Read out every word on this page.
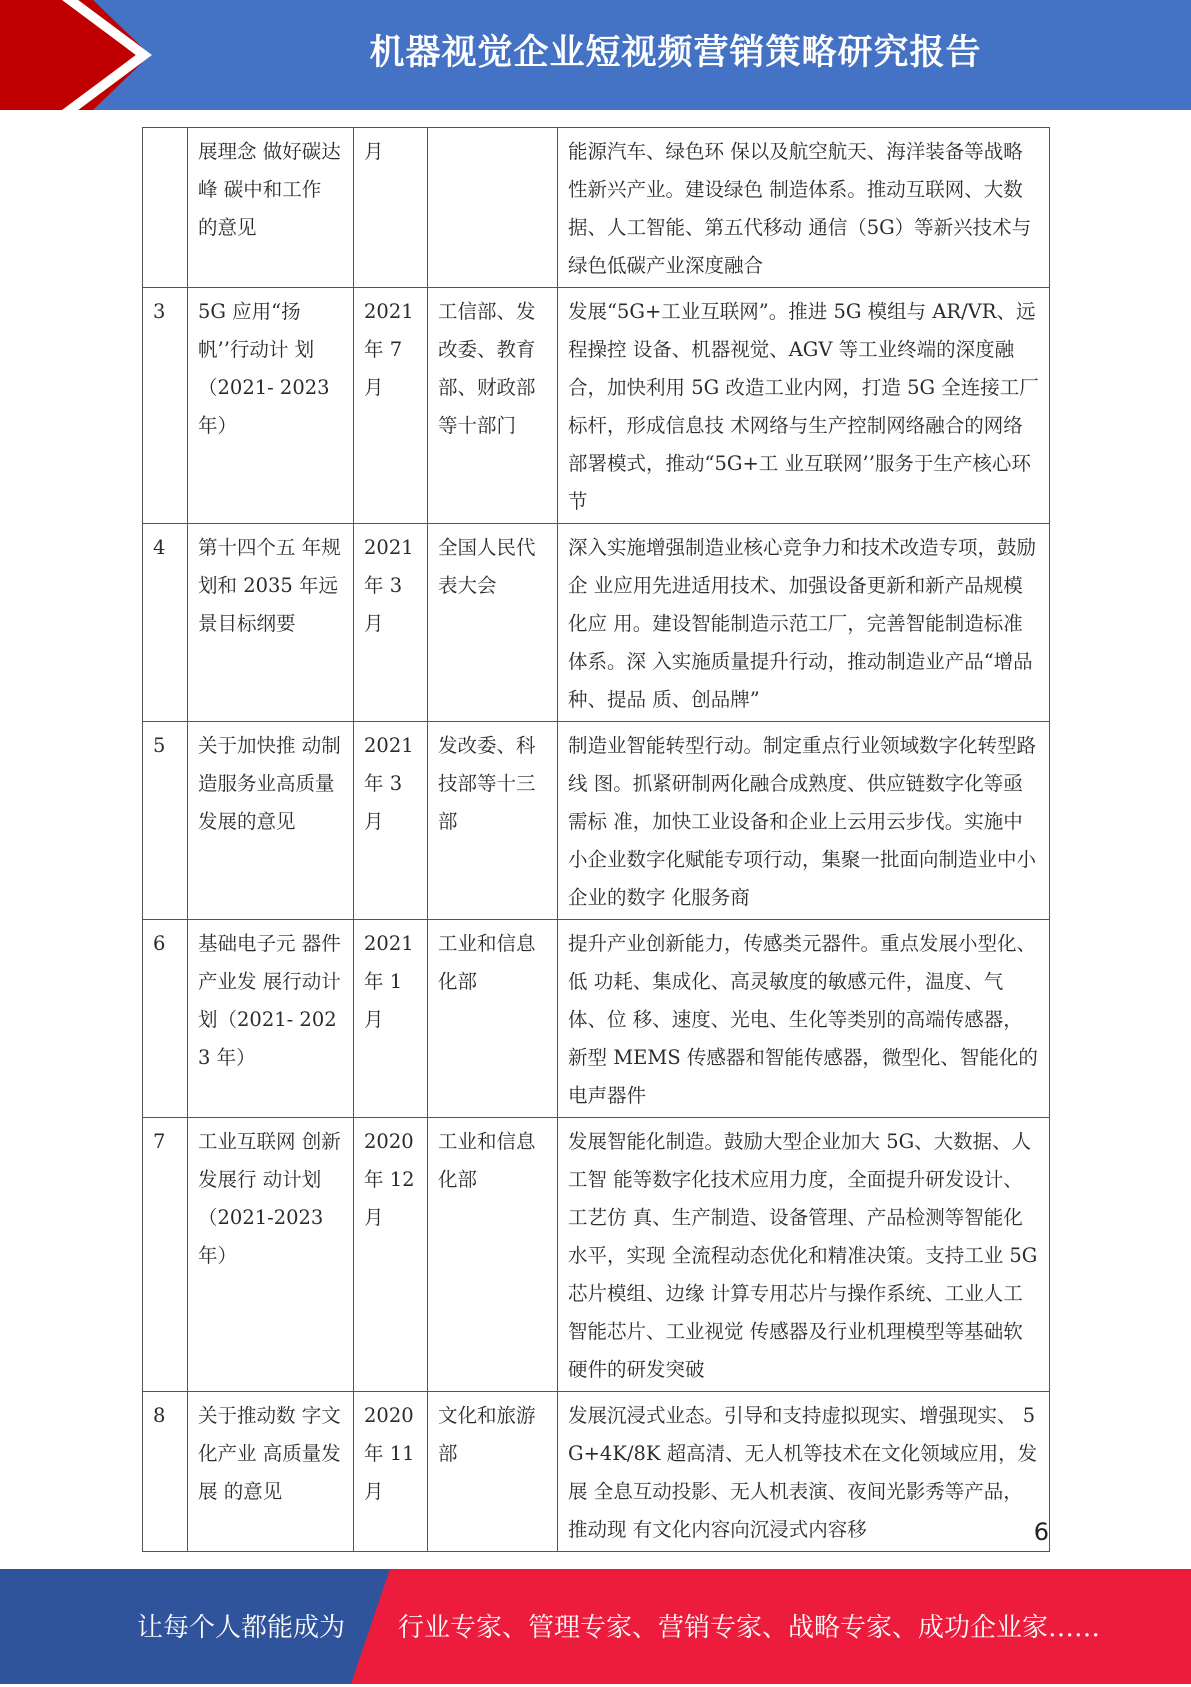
机器视觉企业短视频营销策略研究报告
	展理念 做好碳达峰 碳中和工作 的意见	月		能源汽车、绿色环 保以及航空航天、海洋装备等战略性新兴产业。建设绿色 制造体系。推动互联网、大数据、人工智能、第五代移动 通信（5G）等新兴技术与绿色低碳产业深度融合
3	5G 应用“扬 帆’’行动计 划（2021- 2023 年）	2021 年 7 月	工信部、发改委、教育部、财政部等十部门	发展“5G+工业互联网”。推进 5G 模组与 AR/VR、远程操控 设备、机器视觉、AGV 等工业终端的深度融合，加快利用 5G 改造工业内网，打造 5G 全连接工厂标杆，形成信息技 术网络与生产控制网络融合的网络部署模式，推动“5G+工 业互联网’’服务于生产核心环节
4	第十四个五 年规划和 2035 年远 景目标纲要	2021 年 3 月	全国人民代表大会	深入实施增强制造业核心竞争力和技术改造专项，鼓励企 业应用先进适用技术、加强设备更新和新产品规模化应 用。建设智能制造示范工厂，完善智能制造标准体系。深 入实施质量提升行动，推动制造业产品“增品种、提品 质、创品牌”
5	关于加快推 动制造服务业高质量发展的意见	2021 年 3 月	发改委、科技部等十三部	制造业智能转型行动。制定重点行业领域数字化转型路线 图。抓紧研制两化融合成熟度、供应链数字化等亟需标 准，加快工业设备和企业上云用云步伐。实施中小企业数字化赋能专项行动，集聚一批面向制造业中小企业的数字 化服务商
6	基础电子元 器件产业发 展行动计划（2021- 2023 年）	2021 年 1 月	工业和信息化部	提升产业创新能力，传感类元器件。重点发展小型化、低 功耗、集成化、高灵敏度的敏感元件，温度、气体、位 移、速度、光电、生化等类别的高端传感器，新型 MEMS 传感器和智能传感器，微型化、智能化的电声器件
7	工业互联网 创新发展行 动计划（2021-2023 年）	2020 年 12 月	工业和信息化部	发展智能化制造。鼓励大型企业加大 5G、大数据、人工智 能等数字化技术应用力度，全面提升研发设计、工艺仿 真、生产制造、设备管理、产品检测等智能化水平，实现 全流程动态优化和精准决策。支持工业 5G 芯片模组、边缘 计算专用芯片与操作系统、工业人工智能芯片、工业视觉 传感器及行业机理模型等基础软硬件的研发突破
8	关于推动数 字文化产业 高质量发展 的意见	2020 年 11 月	文化和旅游部	发展沉浸式业态。引导和支持虚拟现实、增强现实、 5G+4K/8K 超高清、无人机等技术在文化领域应用，发展 全息互动投影、无人机表演、夜间光影秀等产品，推动现 有文化内容向沉浸式内容移	6
让每个人都能成为 行业专家、管理专家、营销专家、战略专家、成功企业家……
